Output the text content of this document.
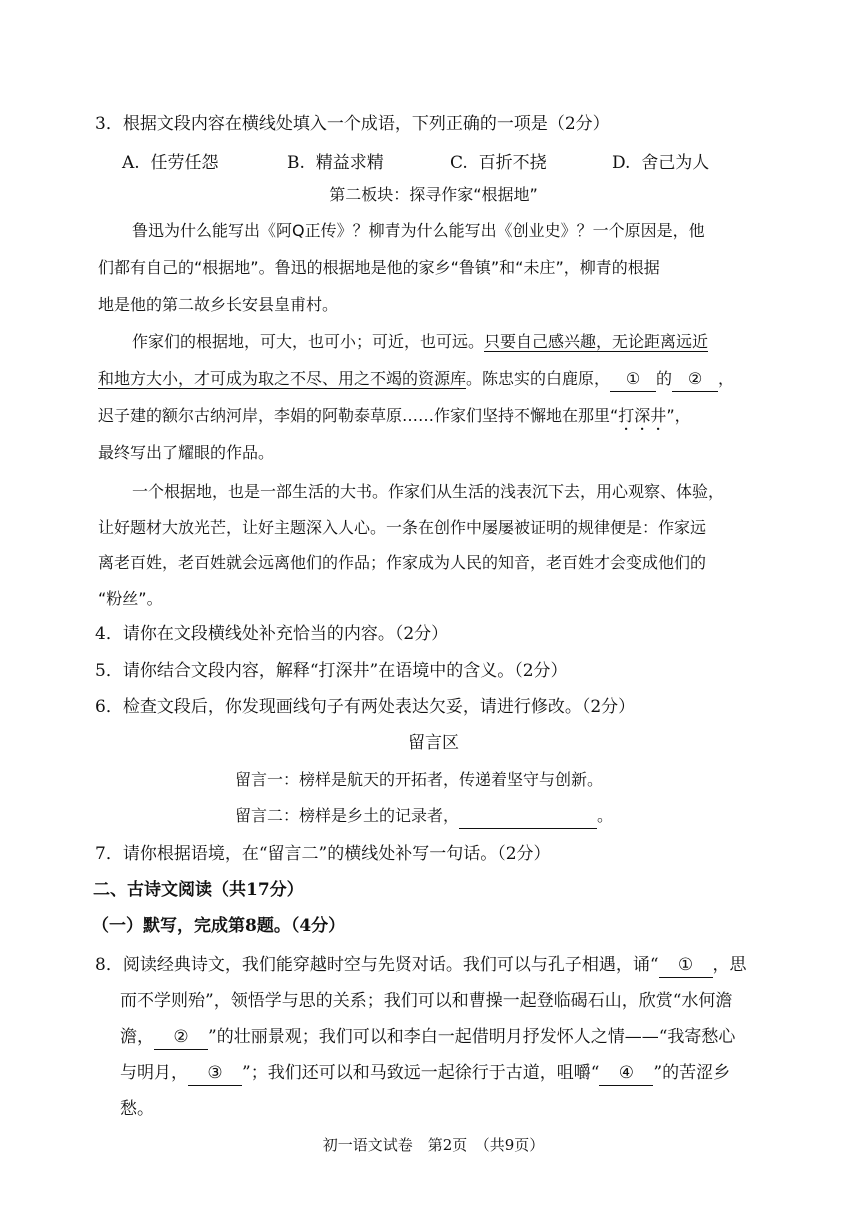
3．根据文段内容在横线处填入一个成语，下列正确的一项是（2分）
A. 任劳任怨	B. 精益求精	C. 百折不挠	D. 舍己为人
第二板块：探寻作家“根据地”
鲁迅为什么能写出《阿Q正传》？柳青为什么能写出《创业史》？一个原因是，他
们都有自己的“根据地”。鲁迅的根据地是他的家乡“鲁镇”和“未庄”，柳青的根据
地是他的第二故乡长安县皇甫村。
作家们的根据地，可大，也可小；可近，也可远。只要自己感兴趣，无论距离远近
和地方大小，才可成为取之不尽、用之不竭的资源库。陈忠实的白鹿原， ① 的 ② ，
迟子建的额尔古纳河岸，李娟的阿勒泰草原……作家们坚持不懈地在那里“打深井”，
最终写出了耀眼的作品。
一个根据地，也是一部生活的大书。作家们从生活的浅表沉下去，用心观察、体验，
让好题材大放光芒，让好主题深入人心。一条在创作中屡屡被证明的规律便是：作家远
离老百姓，老百姓就会远离他们的作品；作家成为人民的知音，老百姓才会变成他们的
“粉丝”。
4．请你在文段横线处补充恰当的内容。（2分）
5．请你结合文段内容，解释“打深井”在语境中的含义。（2分）
6．检查文段后，你发现画线句子有两处表达欠妥，请进行修改。（2分）
留言区
留言一：榜样是航天的开拓者，传递着坚守与创新。
留言二：榜样是乡土的记录者，	。
7．请你根据语境，在“留言二”的横线处补写一句话。（2分）
二、古诗文阅读（共17分）
（一）默写，完成第8题。（4分）
8．阅读经典诗文，我们能穿越时空与先贤对话。我们可以与孔子相遇，诵“ ① ，思
而不学则殆”，领悟学与思的关系；我们可以和曹操一起登临碣石山，欣赏“水何澹
澹， ② ”的壮丽景观；我们可以和李白一起借明月抒发怀人之情——“我寄愁心
与明月， ③ ”；我们还可以和马致远一起徐行于古道，咀嚼“ ④ ”的苦涩乡
愁。
初一语文试卷　第2页　（共9页）
